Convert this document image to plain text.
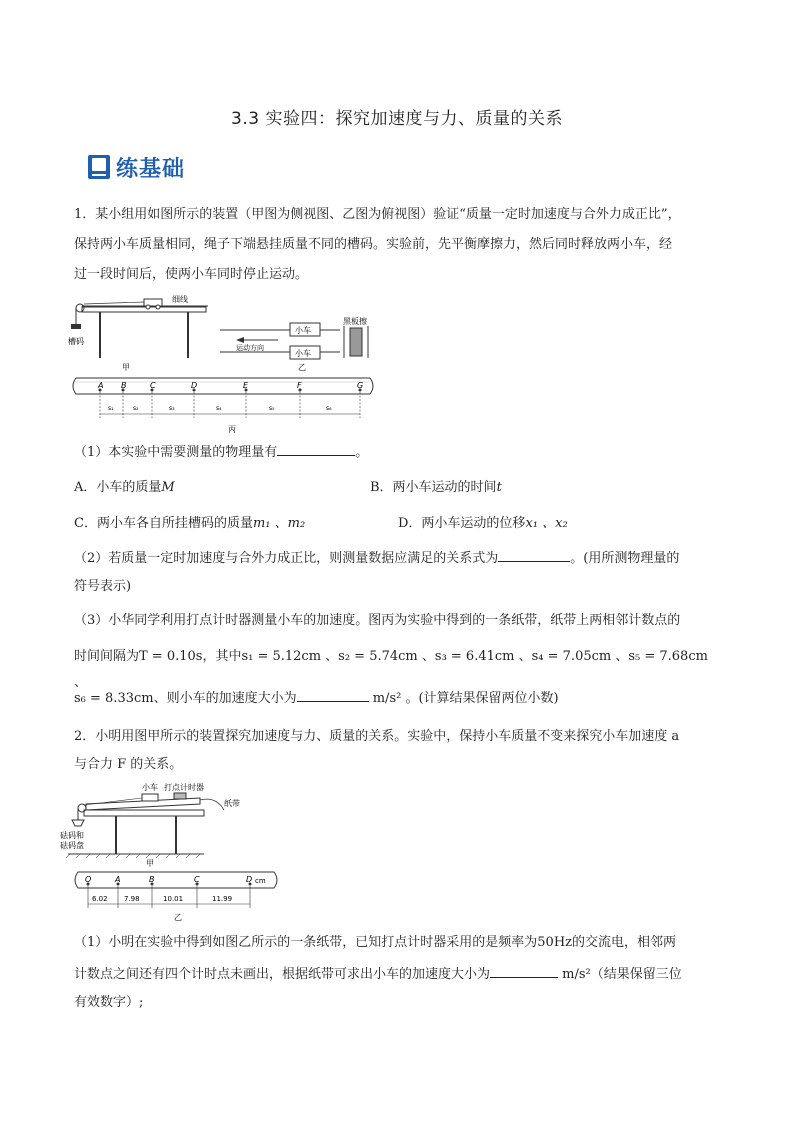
3.3 实验四：探究加速度与力、质量的关系
练基础
1．某小组用如图所示的装置（甲图为侧视图、乙图为俯视图）验证“质量一定时加速度与合外力成正比”，
保持两小车质量相同，绳子下端悬挂质量不同的槽码。实验前，先平衡摩擦力，然后同时释放两小车，经
过一段时间后，使两小车同时停止运动。
细线
槽码
甲
小车
小车
运动方向
黑板擦
乙
A B	C	D	E	F	G
s₁	s₂	s₃	s₄	s₅	s₆
丙
（1）本实验中需要测量的物理量有	。
A．小车的质量M	B．两小车运动的时间t
C．两小车各自所挂槽码的质量m₁ 、m₂	D．两小车运动的位移x₁ 、x₂
（2）若质量一定时加速度与合外力成正比，则测量数据应满足的关系式为	。(用所测物理量的
符号表示)
（3）小华同学利用打点计时器测量小车的加速度。图丙为实验中得到的一条纸带，纸带上两相邻计数点的
时间间隔为T = 0.10s，其中s₁ = 5.12cm 、s₂ = 5.74cm 、s₃ = 6.41cm 、s₄ = 7.05cm 、s₅ = 7.68cm 、
s₆ = 8.33cm、则小车的加速度大小为	m/s² 。(计算结果保留两位小数)
2．小明用图甲所示的装置探究加速度与力、质量的关系。实验中，保持小车质量不变来探究小车加速度 a
与合力 F 的关系。
小车 打点计时器
纸带
砝码和
砝码盘
甲
O	A	B	C	D cm
6.02 7.98	10.01	11.99
乙
（1）小明在实验中得到如图乙所示的一条纸带，已知打点计时器采用的是频率为50Hz的交流电，相邻两
计数点之间还有四个计时点未画出，根据纸带可求出小车的加速度大小为	m/s²（结果保留三位
有效数字）;
